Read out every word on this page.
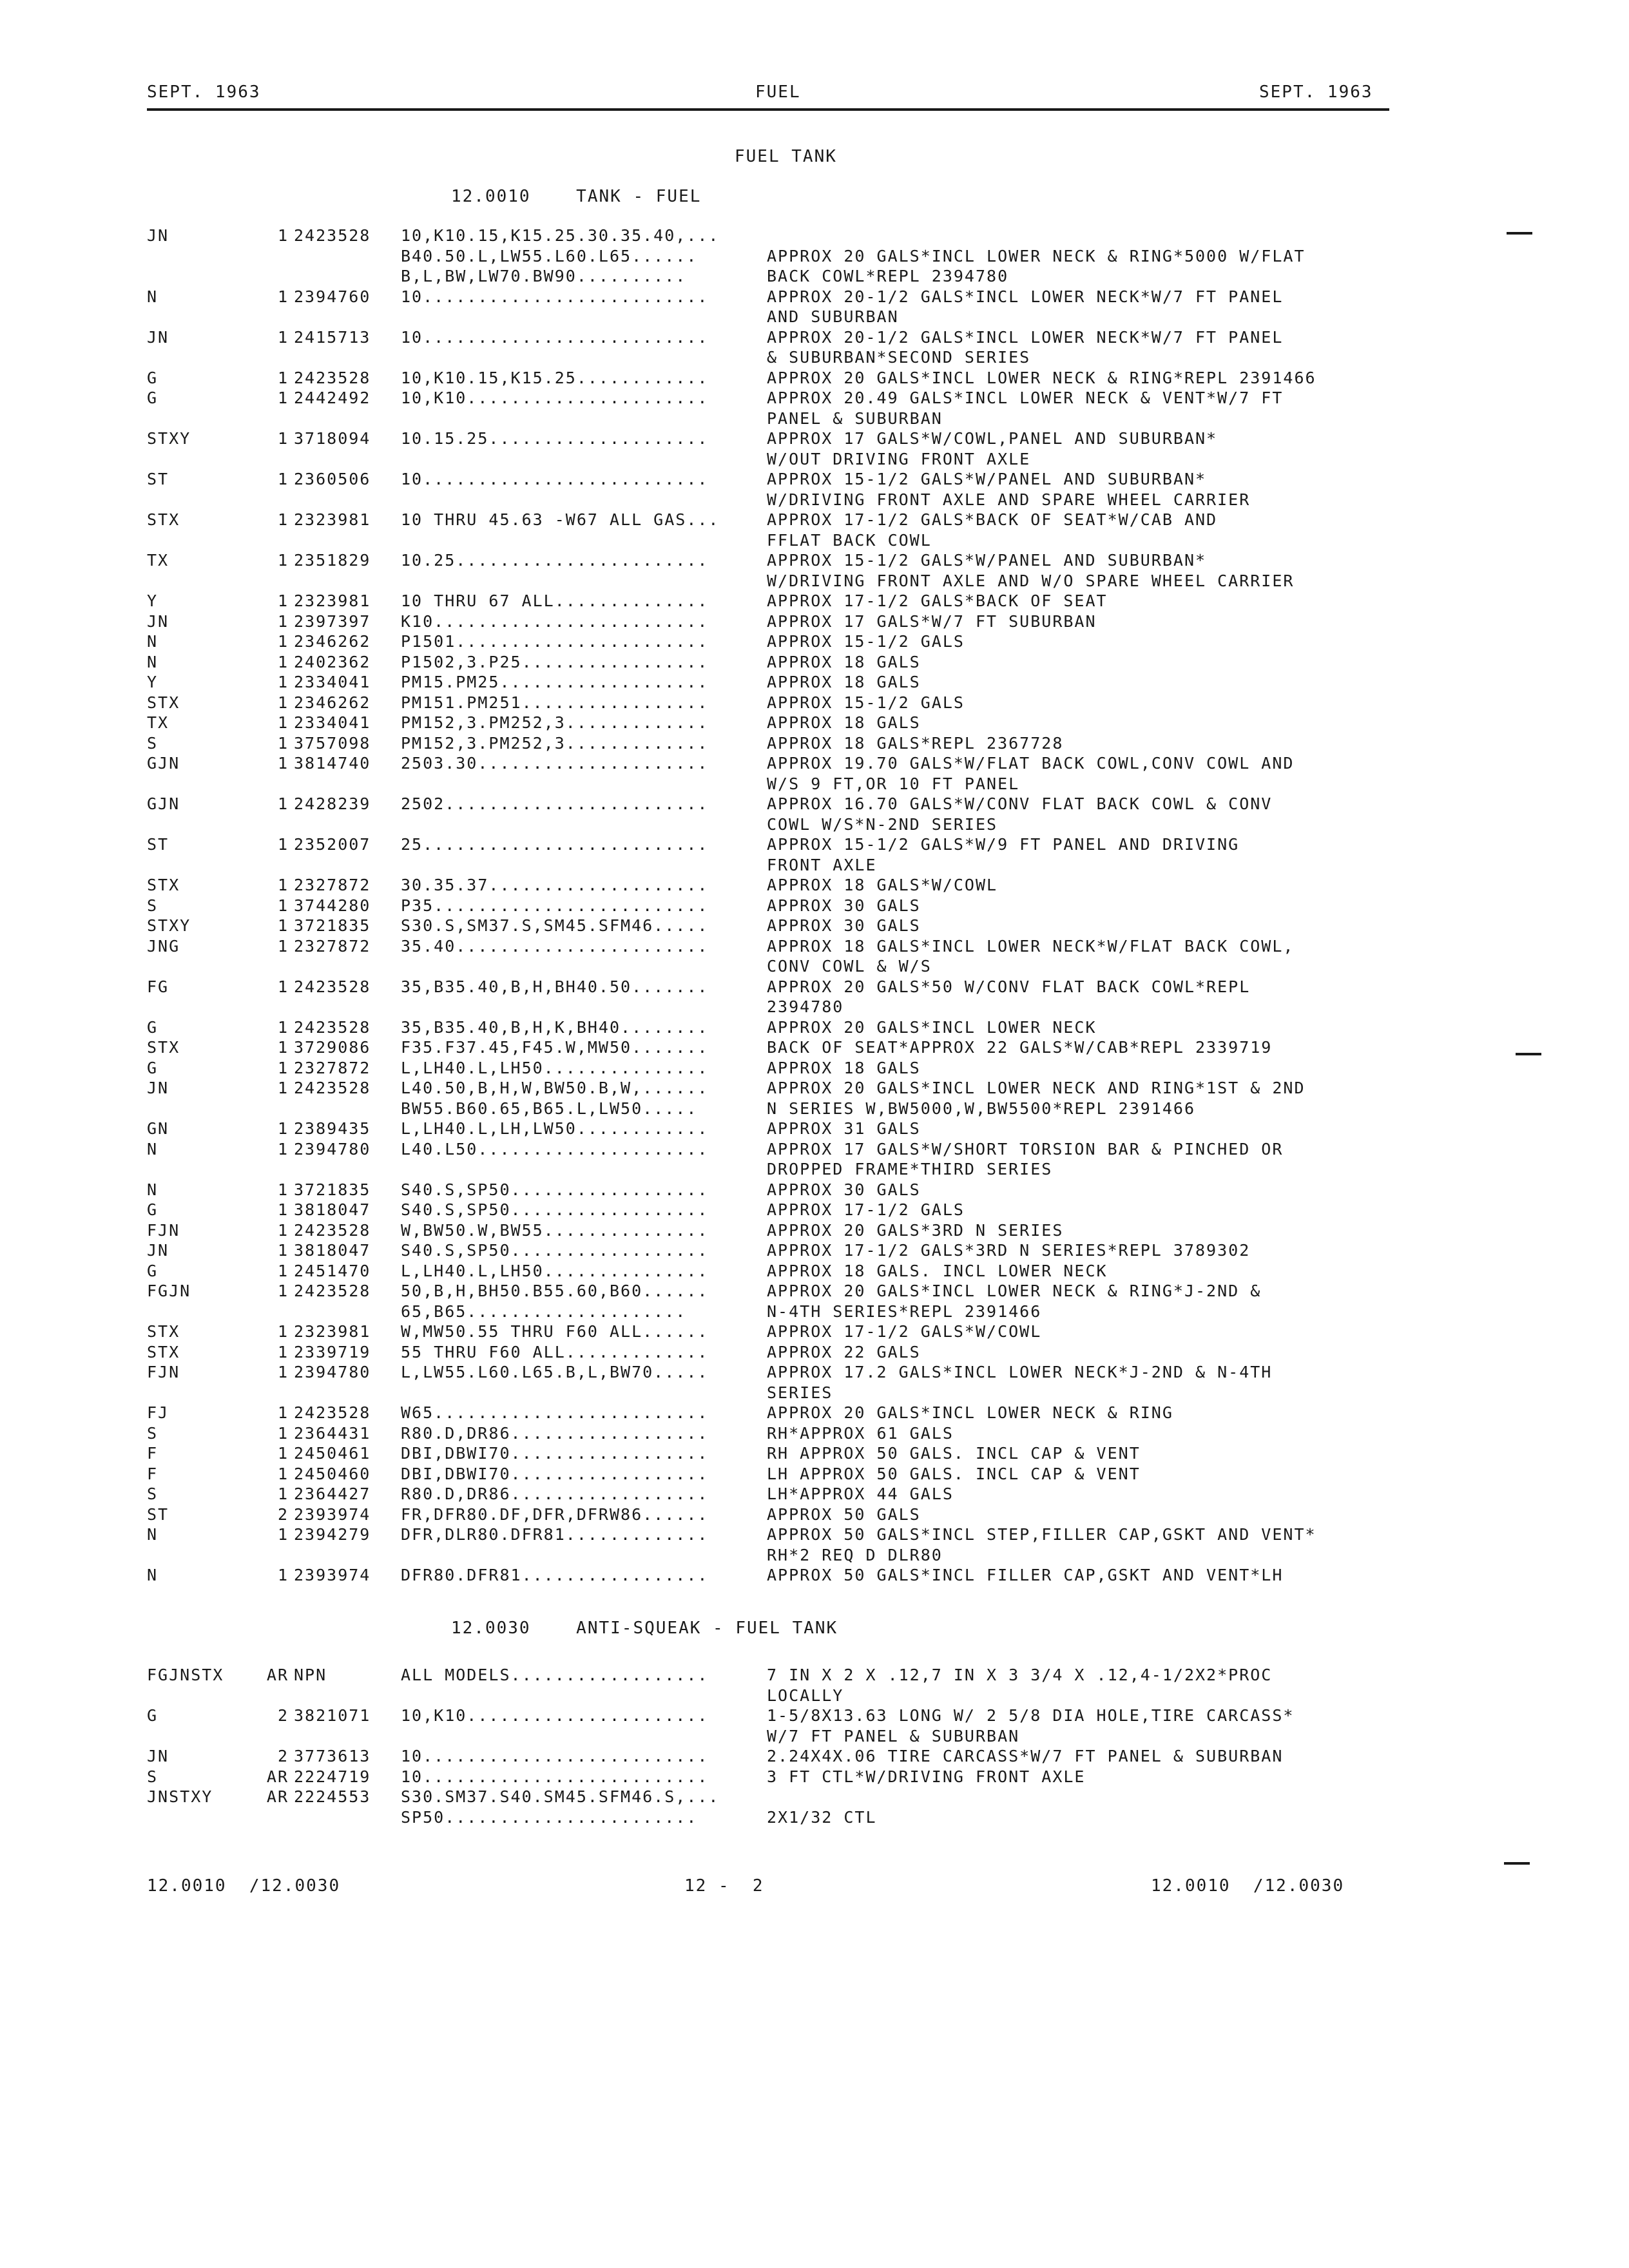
SEPT. 1963	FUEL	SEPT. 1963
FUEL TANK
12.0010    TANK - FUEL
JN	1 2423528 10,K10.15,K15.25.30.35.40,...
B40.50.L,LW55.L60.L65......	APPROX 20 GALS*INCL LOWER NECK & RING*5000 W/FLAT
B,L,BW,LW70.BW90..........	BACK COWL*REPL 2394780
N	1 2394760 10..........................	APPROX 20-1/2 GALS*INCL LOWER NECK*W/7 FT PANEL
AND SUBURBAN
JN	1 2415713 10..........................	APPROX 20-1/2 GALS*INCL LOWER NECK*W/7 FT PANEL
& SUBURBAN*SECOND SERIES
G	1 2423528 10,K10.15,K15.25............	APPROX 20 GALS*INCL LOWER NECK & RING*REPL 2391466
G	1 2442492 10,K10......................	APPROX 20.49 GALS*INCL LOWER NECK & VENT*W/7 FT
PANEL & SUBURBAN
STXY	1 3718094 10.15.25....................	APPROX 17 GALS*W/COWL,PANEL AND SUBURBAN*
W/OUT DRIVING FRONT AXLE
ST	1 2360506 10..........................	APPROX 15-1/2 GALS*W/PANEL AND SUBURBAN*
W/DRIVING FRONT AXLE AND SPARE WHEEL CARRIER
STX	1 2323981 10 THRU 45.63 -W67 ALL GAS...	APPROX 17-1/2 GALS*BACK OF SEAT*W/CAB AND
FFLAT BACK COWL
TX	1 2351829 10.25.......................	APPROX 15-1/2 GALS*W/PANEL AND SUBURBAN*
W/DRIVING FRONT AXLE AND W/O SPARE WHEEL CARRIER
Y	1 2323981 10 THRU 67 ALL..............	APPROX 17-1/2 GALS*BACK OF SEAT
JN	1 2397397 K10.........................	APPROX 17 GALS*W/7 FT SUBURBAN
N	1 2346262 P1501.......................	APPROX 15-1/2 GALS
N	1 2402362 P1502,3.P25.................	APPROX 18 GALS
Y	1 2334041 PM15.PM25...................	APPROX 18 GALS
STX	1 2346262 PM151.PM251.................	APPROX 15-1/2 GALS
TX	1 2334041 PM152,3.PM252,3.............	APPROX 18 GALS
S	1 3757098 PM152,3.PM252,3.............	APPROX 18 GALS*REPL 2367728
GJN	1 3814740 2503.30.....................	APPROX 19.70 GALS*W/FLAT BACK COWL,CONV COWL AND
W/S 9 FT,OR 10 FT PANEL
GJN	1 2428239 2502........................	APPROX 16.70 GALS*W/CONV FLAT BACK COWL & CONV
COWL W/S*N-2ND SERIES
ST	1 2352007 25..........................	APPROX 15-1/2 GALS*W/9 FT PANEL AND DRIVING
FRONT AXLE
STX	1 2327872 30.35.37....................	APPROX 18 GALS*W/COWL
S	1 3744280 P35.........................	APPROX 30 GALS
STXY	1 3721835 S30.S,SM37.S,SM45.SFM46.....	APPROX 30 GALS
JNG	1 2327872 35.40.......................	APPROX 18 GALS*INCL LOWER NECK*W/FLAT BACK COWL,
CONV COWL & W/S
FG	1 2423528 35,B35.40,B,H,BH40.50.......	APPROX 20 GALS*50 W/CONV FLAT BACK COWL*REPL
2394780
G	1 2423528 35,B35.40,B,H,K,BH40........	APPROX 20 GALS*INCL LOWER NECK
STX	1 3729086 F35.F37.45,F45.W,MW50.......	BACK OF SEAT*APPROX 22 GALS*W/CAB*REPL 2339719
G	1 2327872 L,LH40.L,LH50...............	APPROX 18 GALS
JN	1 2423528 L40.50,B,H,W,BW50.B,W,......	APPROX 20 GALS*INCL LOWER NECK AND RING*1ST & 2ND
BW55.B60.65,B65.L,LW50.....	N SERIES W,BW5000,W,BW5500*REPL 2391466
GN	1 2389435 L,LH40.L,LH,LW50............	APPROX 31 GALS
N	1 2394780 L40.L50.....................	APPROX 17 GALS*W/SHORT TORSION BAR & PINCHED OR
DROPPED FRAME*THIRD SERIES
N	1 3721835 S40.S,SP50..................	APPROX 30 GALS
G	1 3818047 S40.S,SP50..................	APPROX 17-1/2 GALS
FJN	1 2423528 W,BW50.W,BW55...............	APPROX 20 GALS*3RD N SERIES
JN	1 3818047 S40.S,SP50..................	APPROX 17-1/2 GALS*3RD N SERIES*REPL 3789302
G	1 2451470 L,LH40.L,LH50...............	APPROX 18 GALS. INCL LOWER NECK
FGJN	1 2423528 50,B,H,BH50.B55.60,B60......	APPROX 20 GALS*INCL LOWER NECK & RING*J-2ND &
65,B65....................	N-4TH SERIES*REPL 2391466
STX	1 2323981 W,MW50.55 THRU F60 ALL......	APPROX 17-1/2 GALS*W/COWL
STX	1 2339719 55 THRU F60 ALL.............	APPROX 22 GALS
FJN	1 2394780 L,LW55.L60.L65.B,L,BW70.....	APPROX 17.2 GALS*INCL LOWER NECK*J-2ND & N-4TH
SERIES
FJ	1 2423528 W65.........................	APPROX 20 GALS*INCL LOWER NECK & RING
S	1 2364431 R80.D,DR86..................	RH*APPROX 61 GALS
F	1 2450461 DBI,DBWI70..................	RH APPROX 50 GALS. INCL CAP & VENT
F	1 2450460 DBI,DBWI70..................	LH APPROX 50 GALS. INCL CAP & VENT
S	1 2364427 R80.D,DR86..................	LH*APPROX 44 GALS
ST	2 2393974 FR,DFR80.DF,DFR,DFRW86......	APPROX 50 GALS
N	1 2394279 DFR,DLR80.DFR81.............	APPROX 50 GALS*INCL STEP,FILLER CAP,GSKT AND VENT*
RH*2 REQ D DLR80
N	1 2393974 DFR80.DFR81.................	APPROX 50 GALS*INCL FILLER CAP,GSKT AND VENT*LH
12.0030    ANTI-SQUEAK - FUEL TANK
FGJNSTX	AR NPN	ALL MODELS..................	7 IN X 2 X .12,7 IN X 3 3/4 X .12,4-1/2X2*PROC
LOCALLY
G	2 3821071 10,K10......................	1-5/8X13.63 LONG W/ 2 5/8 DIA HOLE,TIRE CARCASS*
W/7 FT PANEL & SUBURBAN
JN	2 3773613 10..........................	2.24X4X.06 TIRE CARCASS*W/7 FT PANEL & SUBURBAN
S	AR 2224719 10..........................	3 FT CTL*W/DRIVING FRONT AXLE
JNSTXY	AR 2224553 S30.SM37.S40.SM45.SFM46.S,...
SP50.......................	2X1/32 CTL
12.0010  /12.0030	12 -  2	12.0010  /12.0030
